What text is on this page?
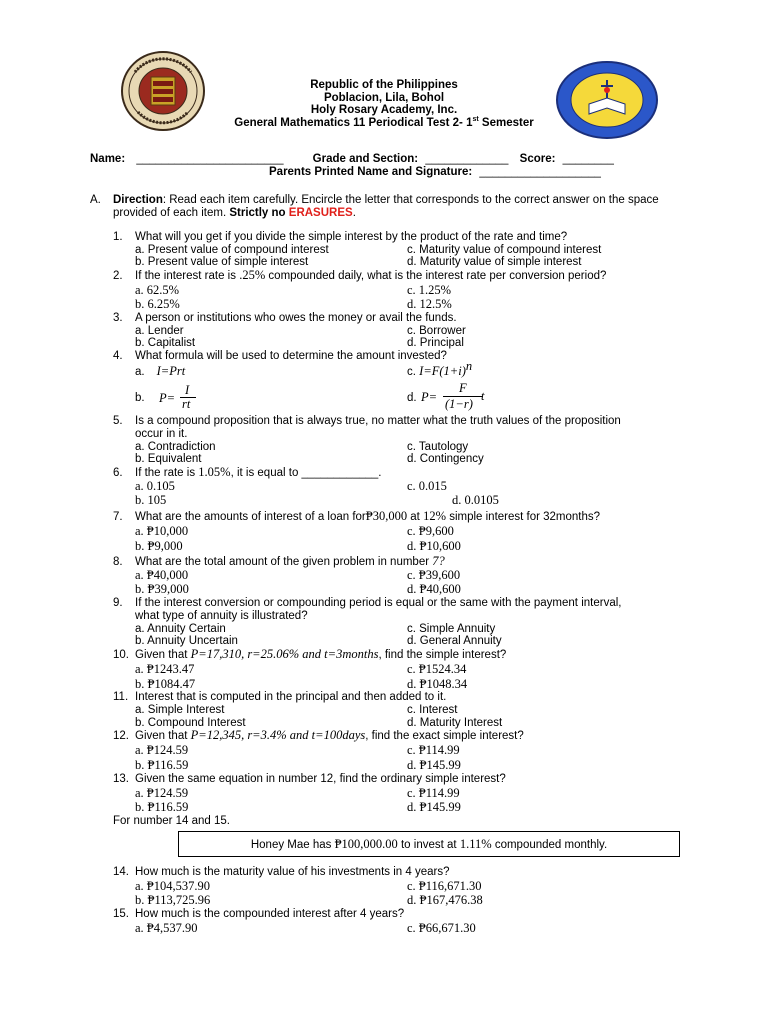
Republic of the Philippines
Poblacion, Lila, Bohol
Holy Rosary Academy, Inc.
General Mathematics 11 Periodical Test 2- 1st Semester
Name: _______________________	Grade and Section: _____________ Score: ________
Parents Printed Name and Signature: ___________________
A. Direction: Read each item carefully. Encircle the letter that corresponds to the correct answer on the space provided of each item. Strictly no ERASURES.
1. What will you get if you divide the simple interest by the product of the rate and time?
a. Present value of compound interest
b. Present value of simple interest
c. Maturity value of compound interest
d. Maturity value of simple interest
2. If the interest rate is .25% compounded daily, what is the interest rate per conversion period?
a. 62.5%
b. 6.25%
c. 1.25%
d. 12.5%
3. A person or institutions who owes the money or avail the funds.
a. Lender
b. Capitalist
c. Borrower
d. Principal
4. What formula will be used to determine the amount invested?
a. I=Prt
b. P=
I
rt
c. $I=F(1+i)^n$
d. P=
F
(1−r)
t
5. Is a compound proposition that is always true, no matter what the truth values of the proposition
occur in it.
a. Contradiction
b. Equivalent
c. Tautology
d. Contingency
6. If the rate is 1.05%, it is equal to ____________.
a. 0.105
b. 105
c. 0.015
d. 0.0105
7. What are the amounts of interest of a loan for₱30,000 at 12% simple interest for 32months?
a. ₱10,000
b. ₱9,000
c. ₱9,600
d. ₱10,600
8. What are the total amount of the given problem in number 7?
a. ₱40,000
b. ₱39,000
c. ₱39,600
d. ₱40,600
9. If the interest conversion or compounding period is equal or the same with the payment interval,
what type of annuity is illustrated?
a. Annuity Certain
b. Annuity Uncertain
c. Simple Annuity
d. General Annuity
10. Given that P=17,310, r=25.06% and t=3months, find the simple interest?
a. ₱1243.47
b. ₱1084.47
c. ₱1524.34
d. ₱1048.34
11. Interest that is computed in the principal and then added to it.
a. Simple Interest
b. Compound Interest
c. Interest
d. Maturity Interest
12. Given that P=12,345, r=3.4% and t=100days, find the exact simple interest?
a. ₱124.59
b. ₱116.59
c. ₱114.99
d. ₱145.99
13. Given the same equation in number 12, find the ordinary simple interest?
a. ₱124.59
b. ₱116.59
c. ₱114.99
d. ₱145.99
For number 14 and 15.
Honey Mae has ₱100,000.00 to invest at 1.11% compounded monthly.
14. How much is the maturity value of his investments in 4 years?
a. ₱104,537.90
b. ₱113,725.96
c. ₱116,671.30
d. ₱167,476.38
15. How much is the compounded interest after 4 years?
a. ₱4,537.90	c. ₱66,671.30
